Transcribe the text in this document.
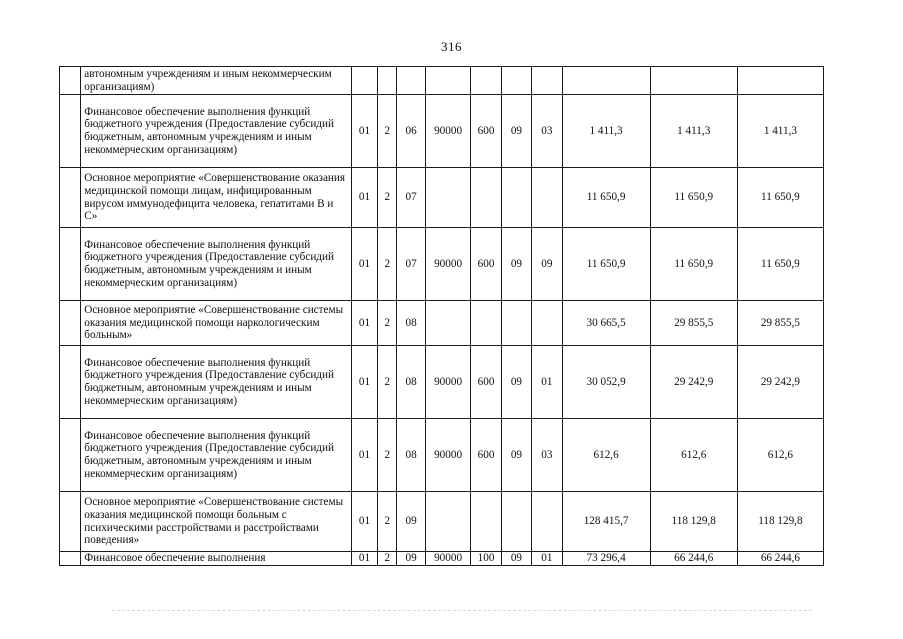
316
	автономным учреждениям и иным некоммерческим организациям)										
	Финансовое обеспечение выполнения функций бюджетного учреждения (Предоставление субсидий бюджетным, автономным учреждениям и иным некоммерческим организациям)	01	2	06	90000	600	09	03	1 411,3	1 411,3	1 411,3
	Основное мероприятие «Совершенствование оказания медицинской помощи лицам, инфицированным вирусом иммунодефицита человека, гепатитами В и С»	01	2	07					11 650,9	11 650,9	11 650,9
	Финансовое обеспечение выполнения функций бюджетного учреждения (Предоставление субсидий бюджетным, автономным учреждениям и иным некоммерческим организациям)	01	2	07	90000	600	09	09	11 650,9	11 650,9	11 650,9
	Основное мероприятие «Совершенствование системы оказания медицинской помощи наркологическим больным»	01	2	08					30 665,5	29 855,5	29 855,5
	Финансовое обеспечение выполнения функций бюджетного учреждения (Предоставление субсидий бюджетным, автономным учреждениям и иным некоммерческим организациям)	01	2	08	90000	600	09	01	30 052,9	29 242,9	29 242,9
	Финансовое обеспечение выполнения функций бюджетного учреждения (Предоставление субсидий бюджетным, автономным учреждениям и иным некоммерческим организациям)	01	2	08	90000	600	09	03	612,6	612,6	612,6
	Основное мероприятие «Совершенствование системы оказания медицинской помощи больным с психическими расстройствами и расстройствами поведения»	01	2	09					128 415,7	118 129,8	118 129,8
	Финансовое обеспечение выполнения	01	2	09	90000	100	09	01	73 296,4	66 244,6	66 244,6
